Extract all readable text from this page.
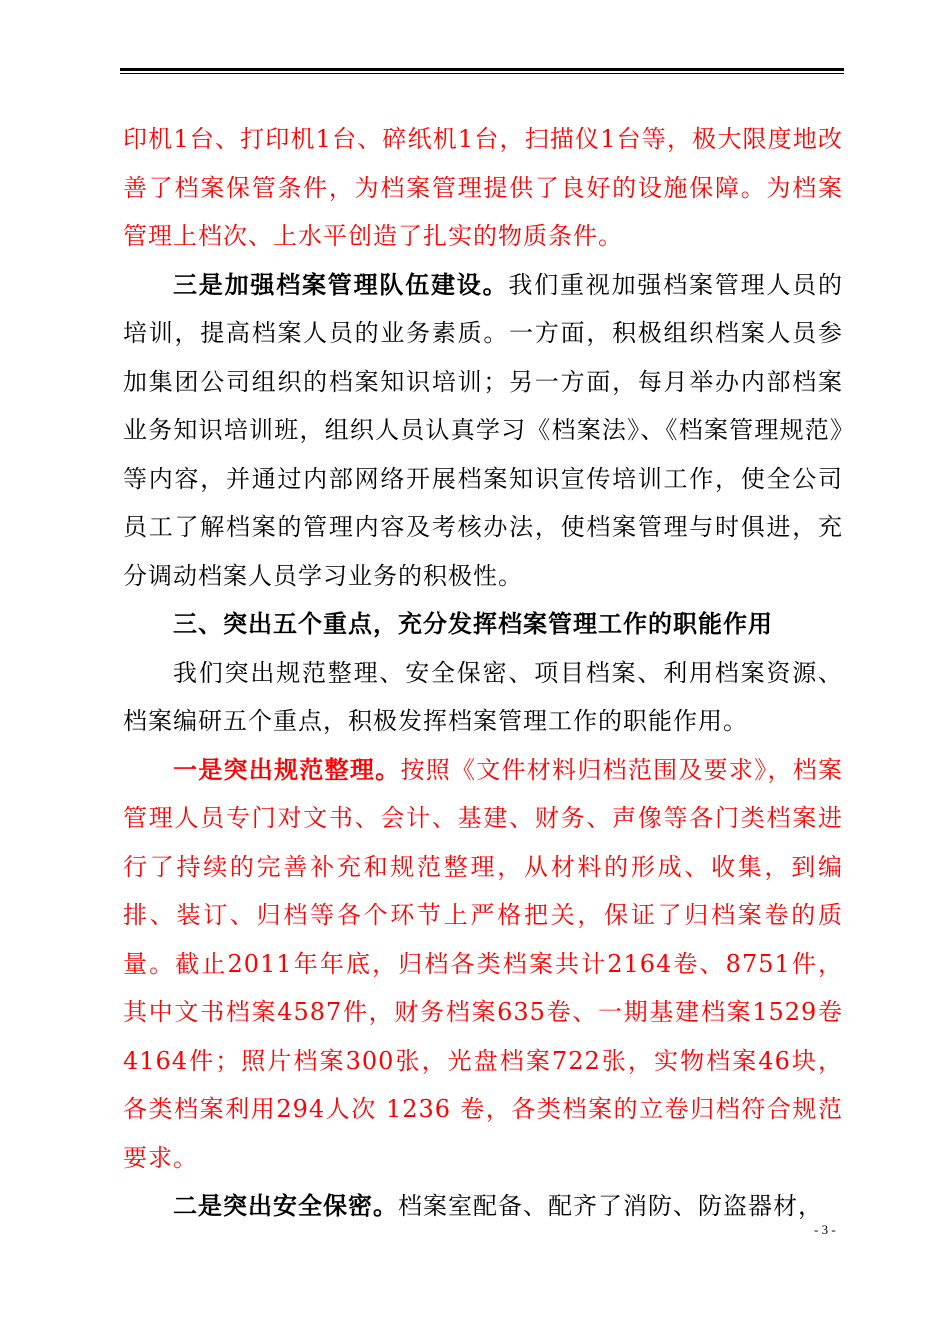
印机1台、打印机1台、碎纸机1台，扫描仪1台等，极大限度地改善了档案保管条件，为档案管理提供了良好的设施保障。为档案管理上档次、上水平创造了扎实的物质条件。

三是加强档案管理队伍建设。我们重视加强档案管理人员的培训，提高档案人员的业务素质。一方面，积极组织档案人员参加集团公司组织的档案知识培训；另一方面，每月举办内部档案业务知识培训班，组织人员认真学习《档案法》、《档案管理规范》等内容，并通过内部网络开展档案知识宣传培训工作，使全公司员工了解档案的管理内容及考核办法，使档案管理与时俱进，充分调动档案人员学习业务的积极性。

三、突出五个重点，充分发挥档案管理工作的职能作用

我们突出规范整理、安全保密、项目档案、利用档案资源、档案编研五个重点，积极发挥档案管理工作的职能作用。

一是突出规范整理。按照《文件材料归档范围及要求》，档案管理人员专门对文书、会计、基建、财务、声像等各门类档案进行了持续的完善补充和规范整理，从材料的形成、收集，到编排、装订、归档等各个环节上严格把关，保证了归档案卷的质量。截止2011年年底，归档各类档案共计2164卷、8751件，其中文书档案4587件，财务档案635卷、一期基建档案1529卷4164件；照片档案300张，光盘档案722张，实物档案46块，各类档案利用294人次 1236 卷，各类档案的立卷归档符合规范要求。

二是突出安全保密。档案室配备、配齐了消防、防盗器材，

- 3 -
